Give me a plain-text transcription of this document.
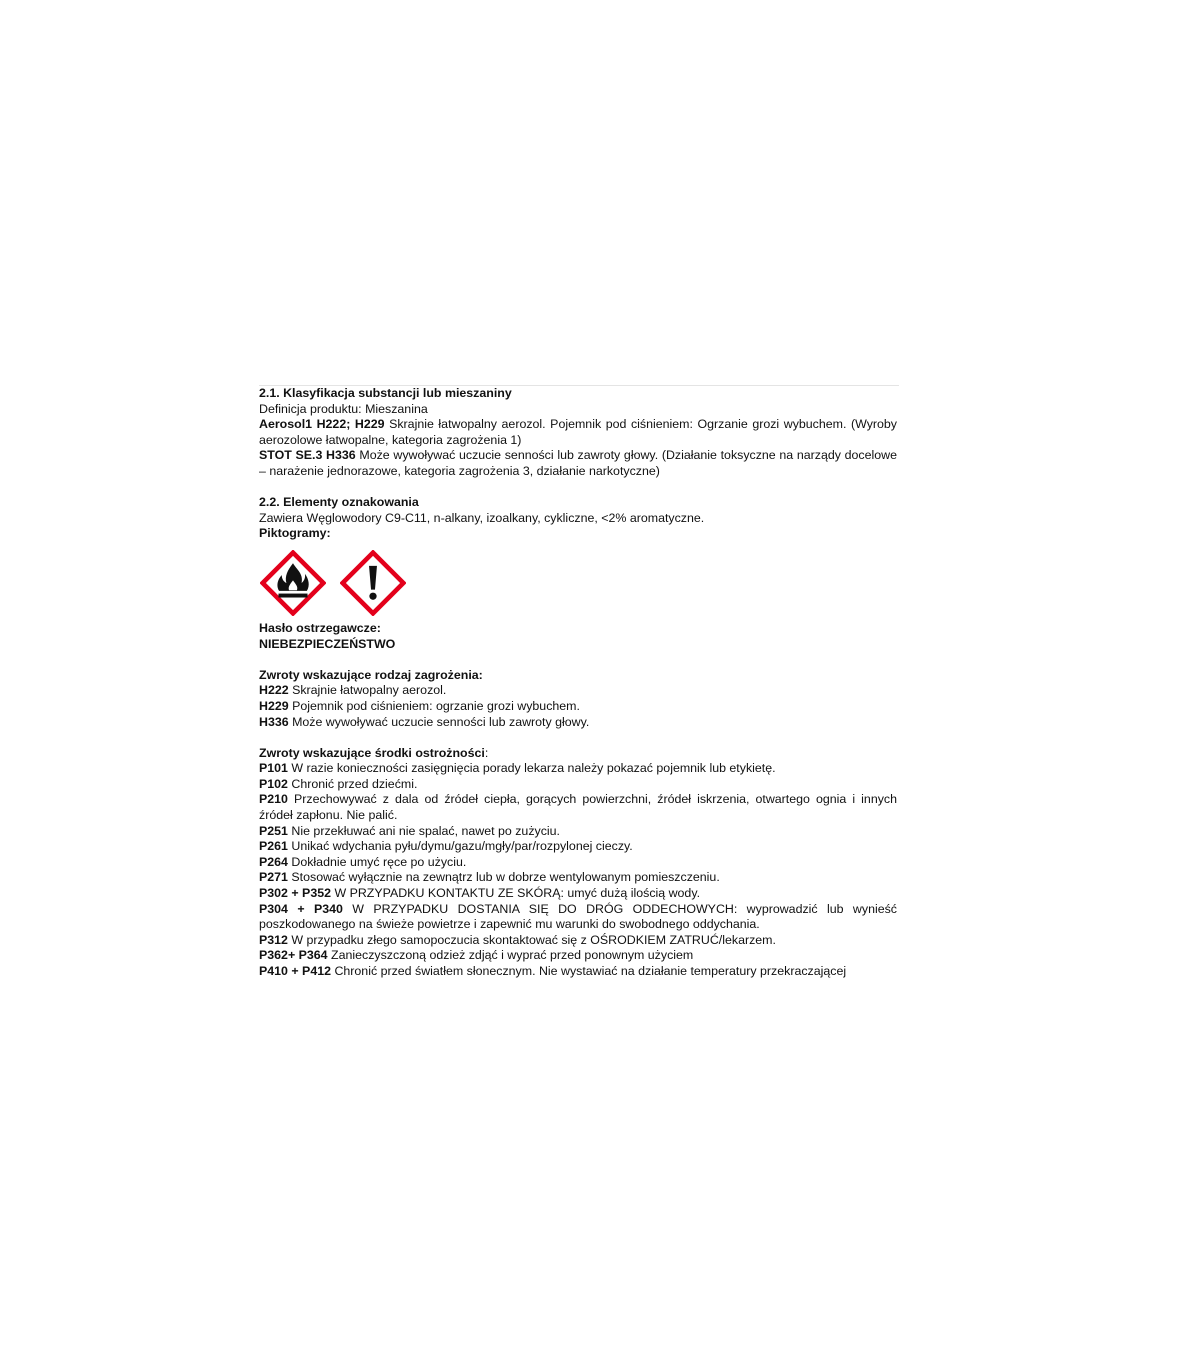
2.1. Klasyfikacja substancji lub mieszaniny

Definicja produktu: Mieszanina

Aerosol1 H222; H229 Skrajnie łatwopalny aerozol. Pojemnik pod ciśnieniem: Ogrzanie grozi wybuchem. (Wyroby aerozolowe łatwopalne, kategoria zagrożenia 1)

STOT SE.3 H336 Może wywoływać uczucie senności lub zawroty głowy. (Działanie toksyczne na narządy docelowe – narażenie jednorazowe, kategoria zagrożenia 3, działanie narkotyczne)

2.2. Elementy oznakowania

Zawiera Węglowodory C9-C11, n-alkany, izoalkany, cykliczne, <2% aromatyczne.

Piktogramy:

Hasło ostrzegawcze:

NIEBEZPIECZEŃSTWO

Zwroty wskazujące rodzaj zagrożenia:

H222 Skrajnie łatwopalny aerozol.

H229 Pojemnik pod ciśnieniem: ogrzanie grozi wybuchem.

H336 Może wywoływać uczucie senności lub zawroty głowy.

Zwroty wskazujące środki ostrożności:

P101 W razie konieczności zasięgnięcia porady lekarza należy pokazać pojemnik lub etykietę.

P102 Chronić przed dziećmi.

P210 Przechowywać z dala od źródeł ciepła, gorących powierzchni, źródeł iskrzenia, otwartego ognia i innych źródeł zapłonu. Nie palić.

P251 Nie przekłuwać ani nie spalać, nawet po zużyciu.

P261 Unikać wdychania pyłu/dymu/gazu/mgły/par/rozpylonej cieczy.

P264 Dokładnie umyć ręce po użyciu.

P271 Stosować wyłącznie na zewnątrz lub w dobrze wentylowanym pomieszczeniu.

P302 + P352 W PRZYPADKU KONTAKTU ZE SKÓRĄ: umyć dużą ilością wody.

P304 + P340 W PRZYPADKU DOSTANIA SIĘ DO DRÓG ODDECHOWYCH: wyprowadzić lub wynieść poszkodowanego na świeże powietrze i zapewnić mu warunki do swobodnego oddychania.

P312 W przypadku złego samopoczucia skontaktować się z OŚRODKIEM ZATRUĆ/lekarzem.

P362+ P364 Zanieczyszczoną odzież zdjąć i wyprać przed ponownym użyciem

P410 + P412 Chronić przed światłem słonecznym. Nie wystawiać na działanie temperatury przekraczającej
